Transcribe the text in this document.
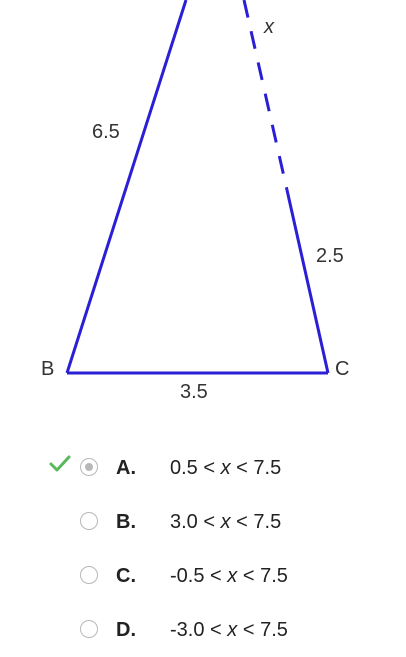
6.5
2.5
3.5
x
B	C
A. 0.5 < x < 7.5
B. 3.0 < x < 7.5
C. -0.5 < x < 7.5
D. -3.0 < x < 7.5
